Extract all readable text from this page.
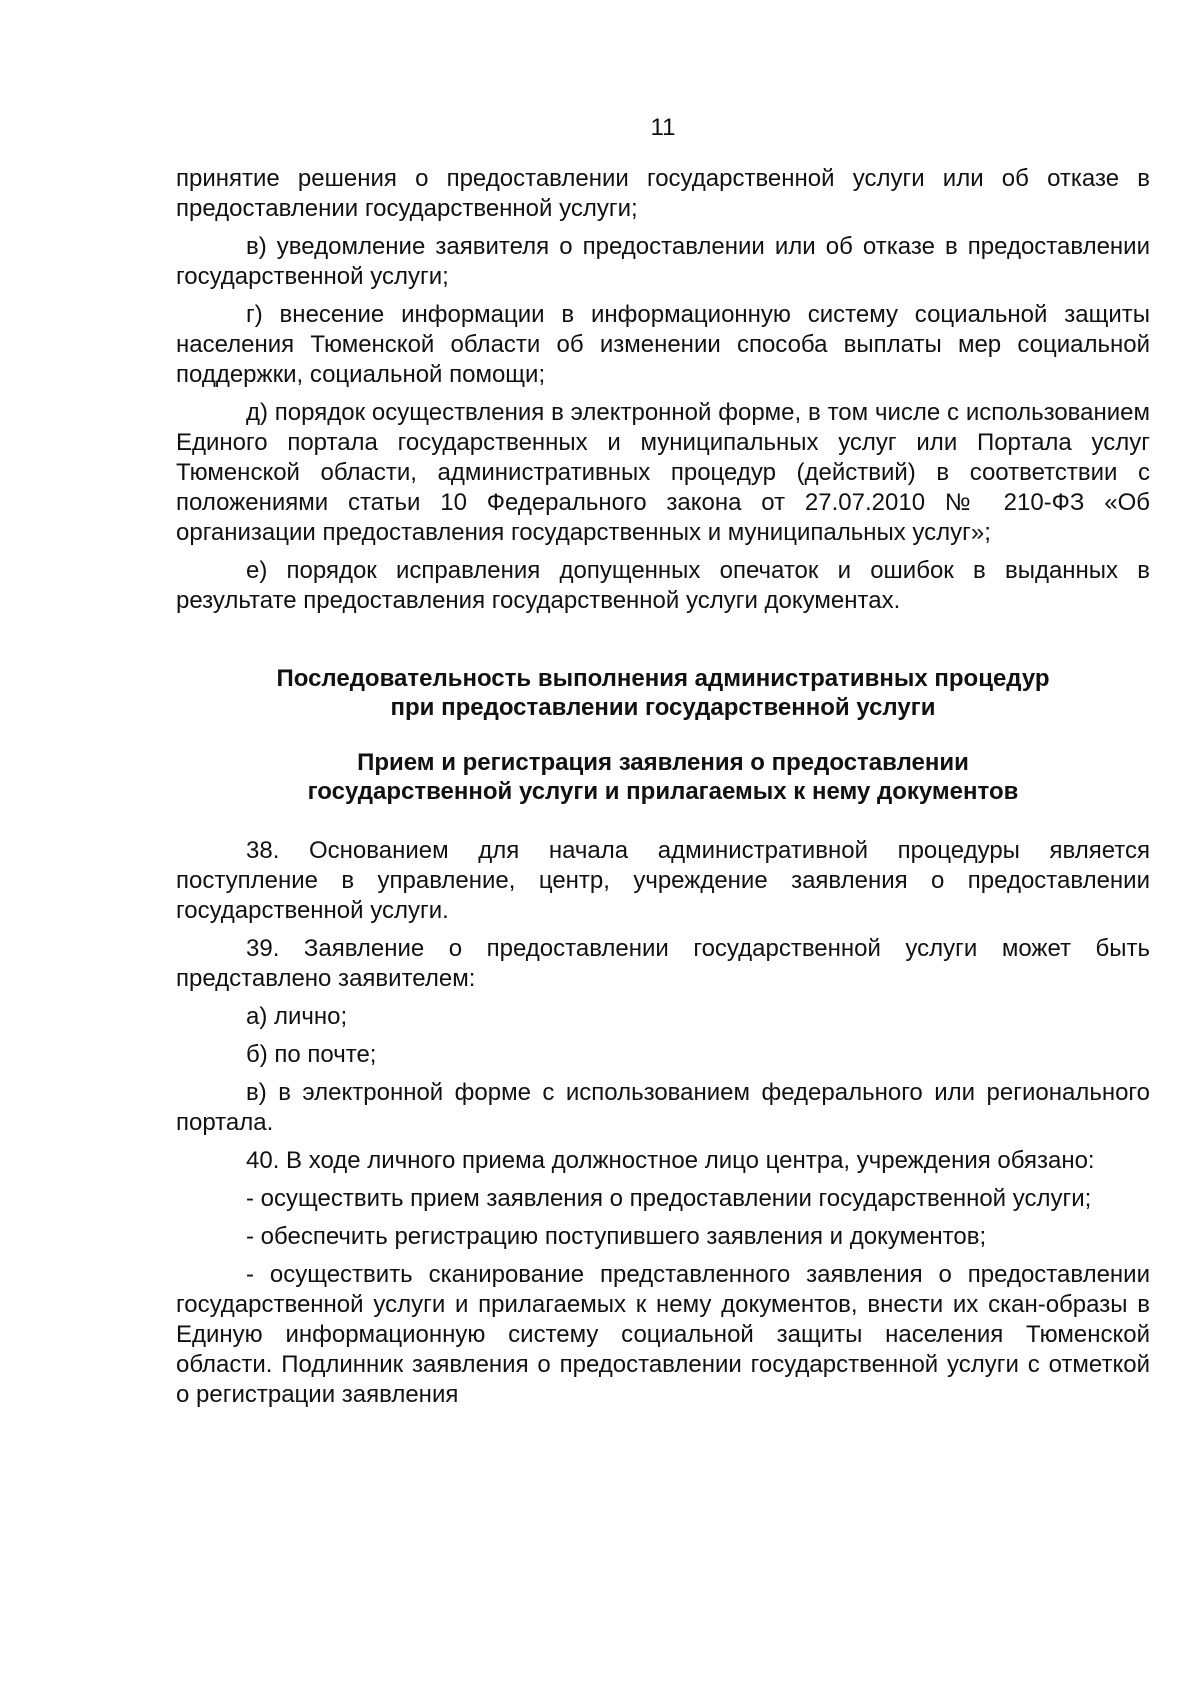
11

принятие решения о предоставлении государственной услуги или об отказе в предоставлении государственной услуги;

в) уведомление заявителя о предоставлении или об отказе в предоставлении государственной услуги;

г) внесение информации в информационную систему социальной защиты населения Тюменской области об изменении способа выплаты мер социальной поддержки, социальной помощи;

д) порядок осуществления в электронной форме, в том числе с использованием Единого портала государственных и муниципальных услуг или Портала услуг Тюменской области, административных процедур (действий) в соответствии с положениями статьи 10 Федерального закона от 27.07.2010 № 210-ФЗ «Об организации предоставления государственных и муниципальных услуг»;

е) порядок исправления допущенных опечаток и ошибок в выданных в результате предоставления государственной услуги документах.

Последовательность выполнения административных процедур
при предоставлении государственной услуги
Прием и регистрация заявления о предоставлении
государственной услуги и прилагаемых к нему документов

38. Основанием для начала административной процедуры является поступление в управление, центр, учреждение заявления о предоставлении государственной услуги.

39. Заявление о предоставлении государственной услуги может быть представлено заявителем:

а) лично;

б) по почте;

в) в электронной форме с использованием федерального или регионального портала.

40. В ходе личного приема должностное лицо центра, учреждения обязано:

- осуществить прием заявления о предоставлении государственной услуги;

- обеспечить регистрацию поступившего заявления и документов;

- осуществить сканирование представленного заявления о предоставлении государственной услуги и прилагаемых к нему документов, внести их скан-образы в Единую информационную систему социальной защиты населения Тюменской области. Подлинник заявления о предоставлении государственной услуги с отметкой о регистрации заявления
